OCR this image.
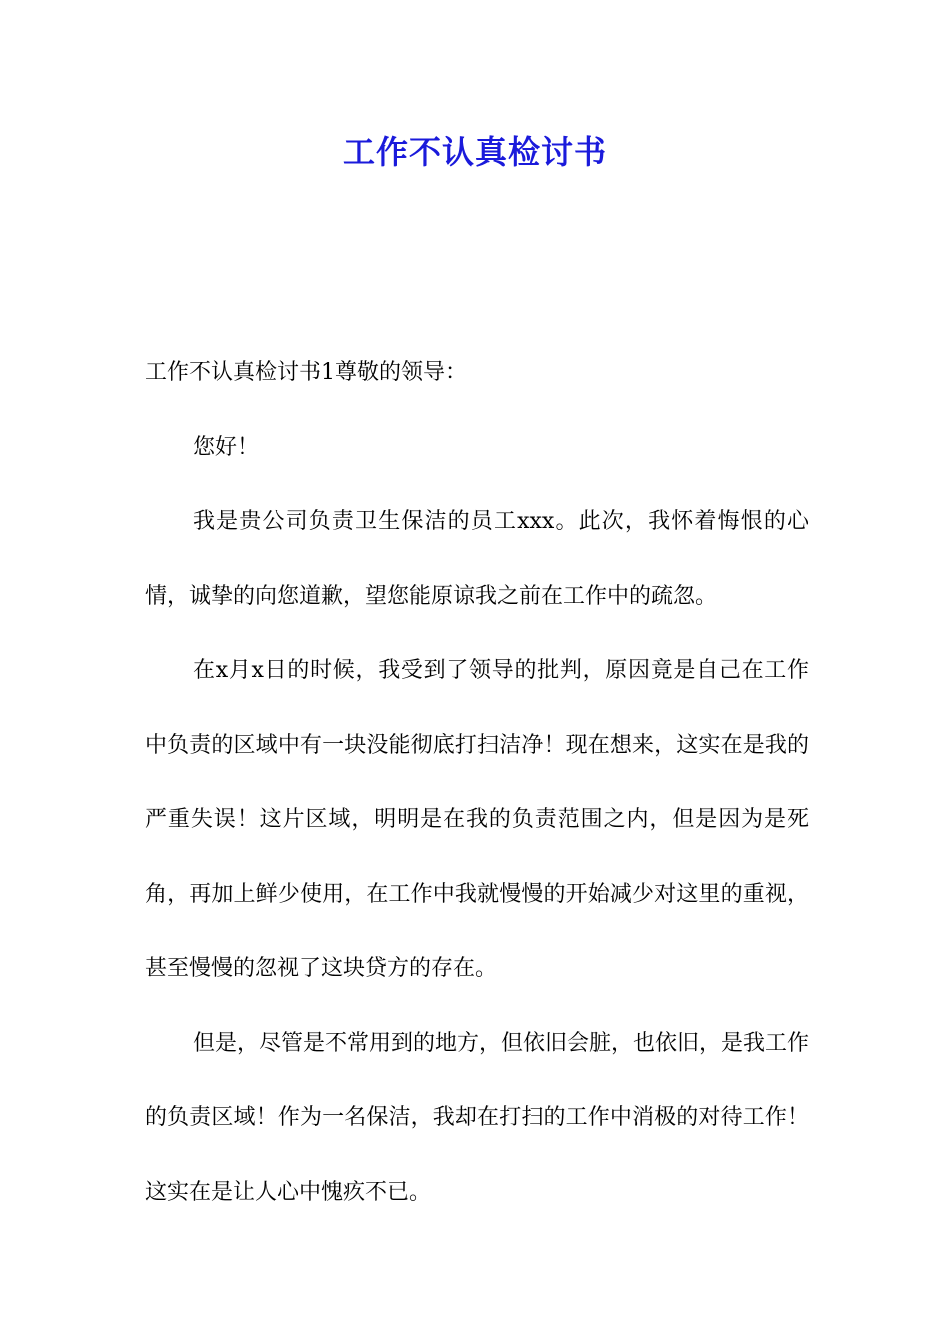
工作不认真检讨书

工作不认真检讨书1尊敬的领导：

您好！

我是贵公司负责卫生保洁的员工xxx。此次，我怀着悔恨的心情，诚挚的向您道歉，望您能原谅我之前在工作中的疏忽。

在x月x日的时候，我受到了领导的批判，原因竟是自己在工作中负责的区域中有一块没能彻底打扫洁净！现在想来，这实在是我的严重失误！这片区域，明明是在我的负责范围之内，但是因为是死角，再加上鲜少使用，在工作中我就慢慢的开始减少对这里的重视，甚至慢慢的忽视了这块贷方的存在。

但是，尽管是不常用到的地方，但依旧会脏，也依旧，是我工作的负责区域！作为一名保洁，我却在打扫的工作中消极的对待工作！这实在是让人心中愧疚不已。
